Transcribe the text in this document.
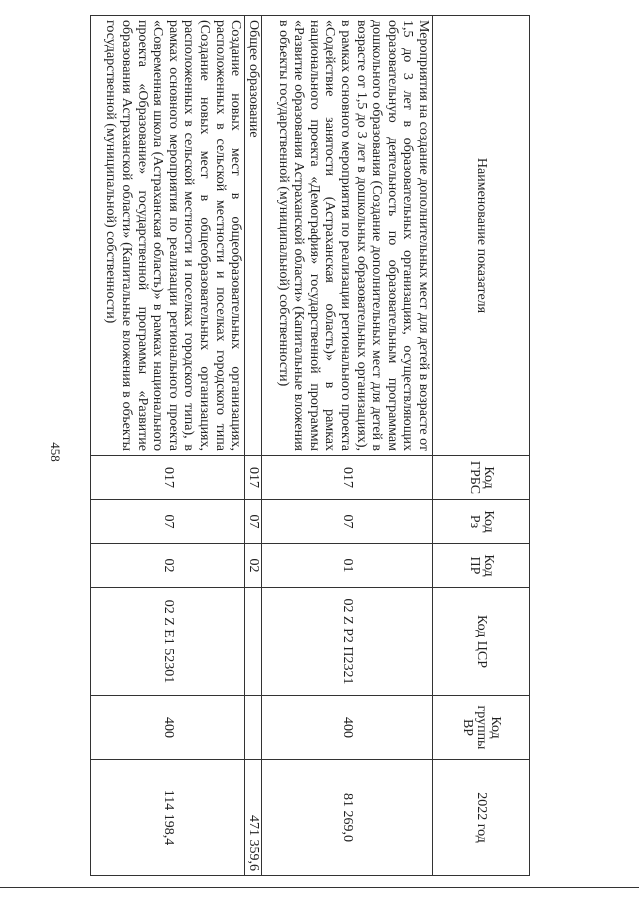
458
Наименование показателя	Код ГРБС	Код Рз	Код ПР	Код ЦСР	Код группы ВР	2022 год
Мероприятия на создание дополнительных мест для детей в возрасте от 1,5 до 3 лет в образовательных организациях, осуществляющих образовательную деятельность по образовательным программам дошкольного образования (Создание дополнительных мест для детей в возрасте от 1,5 до 3 лет в дошкольных образовательных организациях), в рамках основного мероприятия по реализации регионального проекта «Содействие занятости (Астраханская область)» в рамках национального проекта «Демография» государственной программы «Развитие образования Астраханской области» (Капитальные вложения в объекты государственной (муниципальной) собственности)	017	07	01	02 Z P2 П2321	400	81 269,0
Общее образование	017	07	02			471 359,6
Создание новых мест в общеобразовательных организациях, расположенных в сельской местности и поселках городского типа (Создание новых мест в общеобразовательных организациях, расположенных в сельской местности и поселках городского типа), в рамках основного мероприятия по реализации регионального проекта «Современная школа (Астраханская область)» в рамках национального проекта «Образование» государственной программы «Развитие образования Астраханской области» (Капитальные вложения в объекты государственной (муниципальной) собственности)	017	07	02	02 Z E1 52301	400	114 198,4
